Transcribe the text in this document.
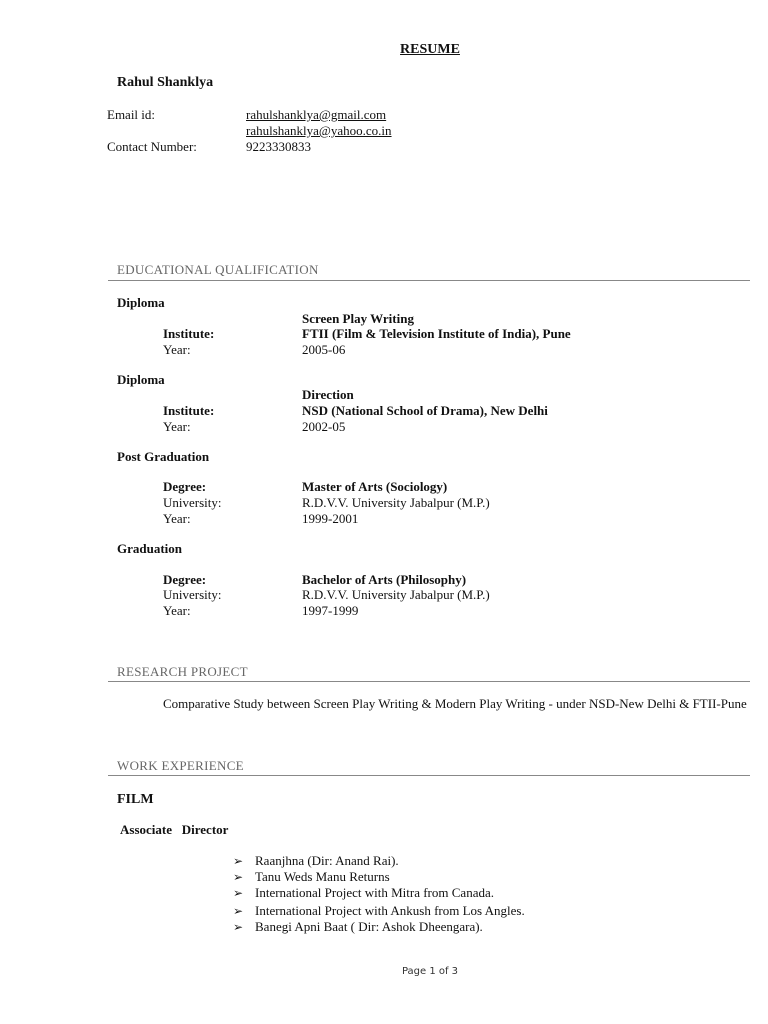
RESUME
Rahul Shanklya
Email id:	rahulshanklya@gmail.com
rahulshanklya@yahoo.co.in
Contact Number:	9223330833
EDUCATIONAL QUALIFICATION
Diploma
Screen Play Writing
Institute:	FTII (Film & Television Institute of India), Pune
Year:	2005-06
Diploma
Direction
Institute:	NSD (National School of Drama), New Delhi
Year:	2002-05
Post Graduation
Degree:	Master of Arts (Sociology)
University:	R.D.V.V. University Jabalpur (M.P.)
Year:	1999-2001
Graduation
Degree:	Bachelor of Arts (Philosophy)
University:	R.D.V.V. University Jabalpur (M.P.)
Year:	1997-1999
RESEARCH PROJECT
Comparative Study between Screen Play Writing & Modern Play Writing - under NSD-New Delhi & FTII-Pune
WORK EXPERIENCE
FILM
Associate   Director
➢ Raanjhna (Dir: Anand Rai).
➢ Tanu Weds Manu Returns
➢ International Project with Mitra from Canada.
➢ International Project with Ankush from Los Angles.
➢ Banegi Apni Baat ( Dir: Ashok Dheengara).
Page 1 of 3
